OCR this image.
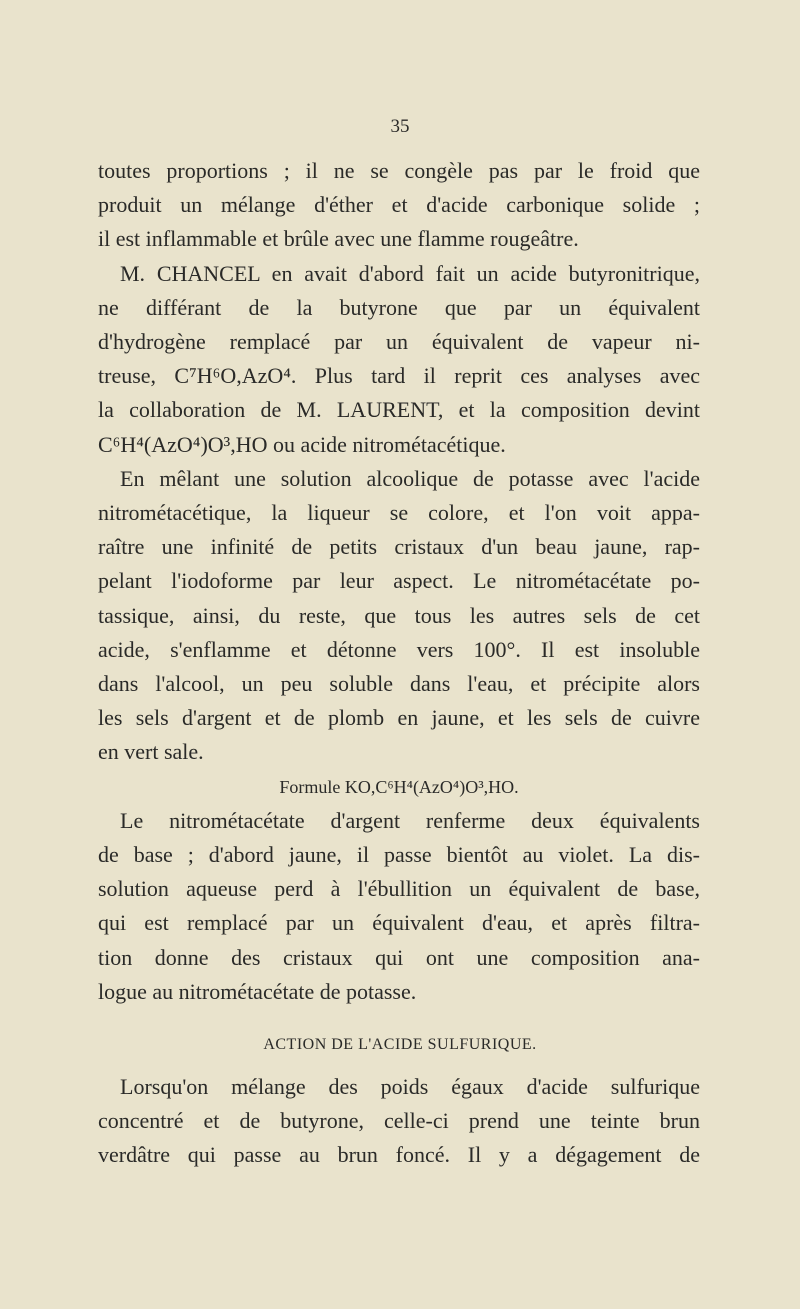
35
toutes proportions ; il ne se congèle pas par le froid que
produit un mélange d'éther et d'acide carbonique solide ;
il est inflammable et brûle avec une flamme rougeâtre.
M. CHANCEL en avait d'abord fait un acide butyronitrique,
ne différant de la butyrone que par un équivalent
d'hydrogène remplacé par un équivalent de vapeur ni-
treuse, C⁷H⁶O,AzO⁴. Plus tard il reprit ces analyses avec
la collaboration de M. LAURENT, et la composition devint
C⁶H⁴(AzO⁴)O³,HO ou acide nitrométacétique.
En mêlant une solution alcoolique de potasse avec l'acide
nitrométacétique, la liqueur se colore, et l'on voit appa-
raître une infinité de petits cristaux d'un beau jaune, rap-
pelant l'iodoforme par leur aspect. Le nitrométacétate po-
tassique, ainsi, du reste, que tous les autres sels de cet
acide, s'enflamme et détonne vers 100°. Il est insoluble
dans l'alcool, un peu soluble dans l'eau, et précipite alors
les sels d'argent et de plomb en jaune, et les sels de cuivre
en vert sale.
Formule KO,C⁶H⁴(AzO⁴)O³,HO.
Le nitrométacétate d'argent renferme deux équivalents
de base ; d'abord jaune, il passe bientôt au violet. La dis-
solution aqueuse perd à l'ébullition un équivalent de base,
qui est remplacé par un équivalent d'eau, et après filtra-
tion donne des cristaux qui ont une composition ana-
logue au nitrométacétate de potasse.
ACTION DE L'ACIDE SULFURIQUE.
Lorsqu'on mélange des poids égaux d'acide sulfurique
concentré et de butyrone, celle-ci prend une teinte brun
verdâtre qui passe au brun foncé. Il y a dégagement de
